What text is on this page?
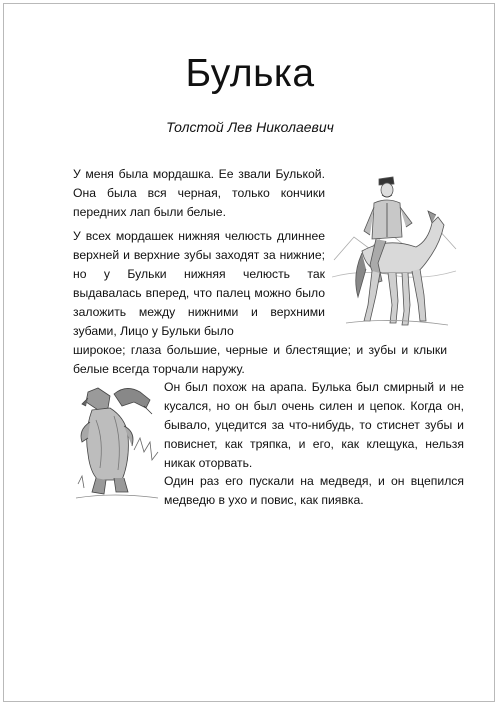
Булька
Толстой Лев Николаевич

У меня была мордашка. Ее звали Булькой. Она была вся черная, только кончики передних лап были белые.

У всех мордашек нижняя челюсть длиннее верхней и верхние зубы заходят за нижние; но у Бульки нижняя челюсть так выдавалась вперед, что палец можно было заложить между нижними и верхними зубами, Лицо у Бульки было

широкое; глаза большие, черные и блестящие; и зубы и клыки белые всегда торчали наружу.

Он был похож на арапа. Булька был смирный и не кусался, но он был очень силен и цепок. Когда он, бывало, уцедится за что-нибудь, то стиснет зубы и повиснет, как тряпка, и его, как клещука, нельзя никак оторвать.

Один раз его пускали на медведя, и он вцепился медведю в ухо и повис, как пиявка.
